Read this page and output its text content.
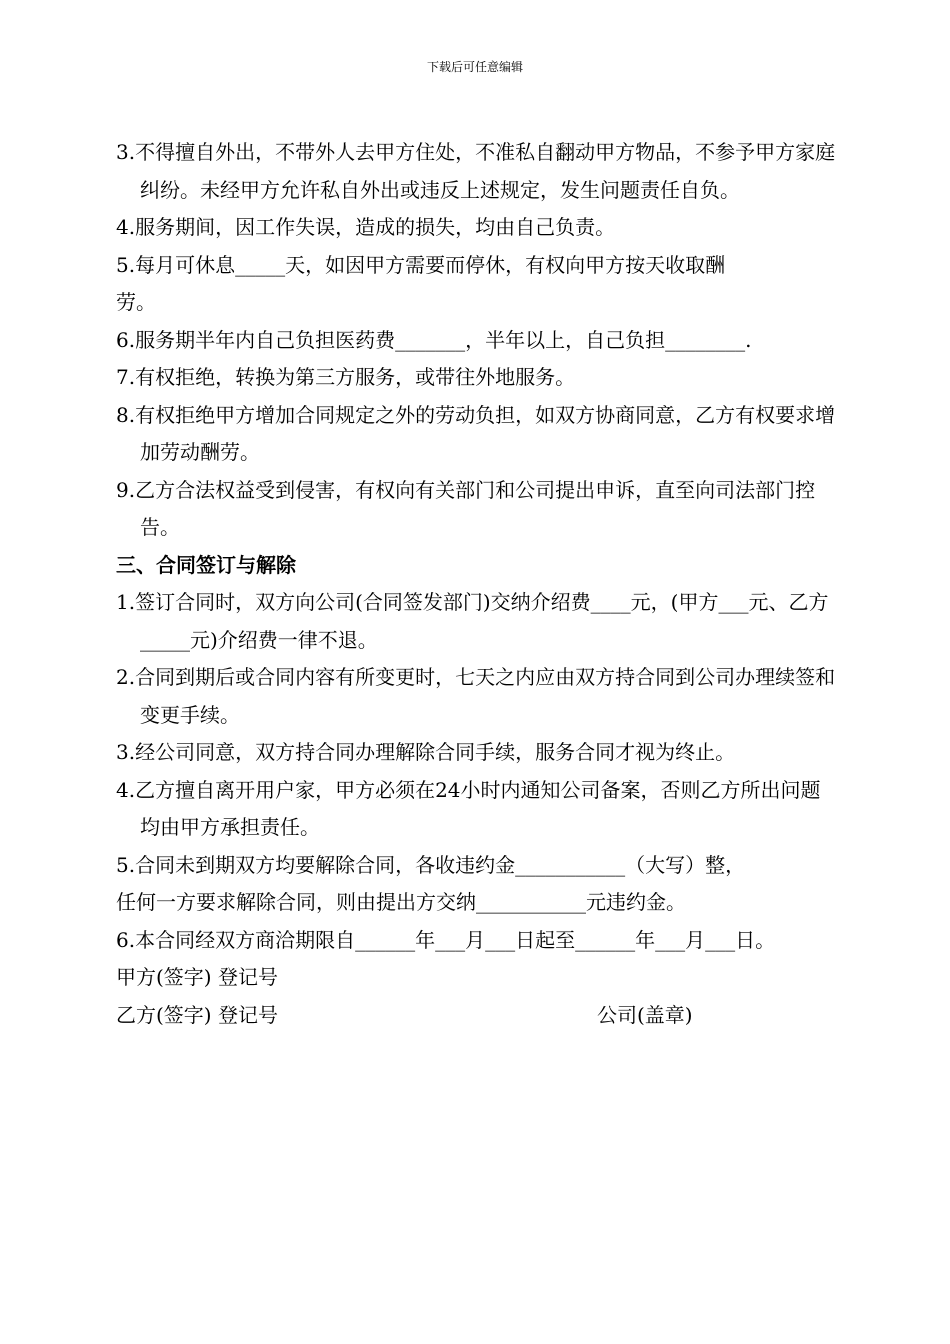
下载后可任意编辑

3.不得擅自外出，不带外人去甲方住处，不准私自翻动甲方物品，不参予甲方家庭纠纷。未经甲方允许私自外出或违反上述规定，发生问题责任自负。

4.服务期间，因工作失误，造成的损失，均由自己负责。

5.每月可休息_____天，如因甲方需要而停休，有权向甲方按天收取酬

劳。

6.服务期半年内自己负担医药费_______，半年以上，自己负担________.

7.有权拒绝，转换为第三方服务，或带往外地服务。

8.有权拒绝甲方增加合同规定之外的劳动负担，如双方协商同意，乙方有权要求增加劳动酬劳。

9.乙方合法权益受到侵害，有权向有关部门和公司提出申诉，直至向司法部门控告。

三、合同签订与解除

1.签订合同时，双方向公司(合同签发部门)交纳介绍费____元，(甲方___元、乙方_____元)介绍费一律不退。

2.合同到期后或合同内容有所变更时，七天之内应由双方持合同到公司办理续签和变更手续。

3.经公司同意，双方持合同办理解除合同手续，服务合同才视为终止。

4.乙方擅自离开用户家，甲方必须在24小时内通知公司备案，否则乙方所出问题均由甲方承担责任。

5.合同未到期双方均要解除合同，各收违约金___________（大写）整，

任何一方要求解除合同，则由提出方交纳___________元违约金。

6.本合同经双方商洽期限自______年___月___日起至______年___月___日。

甲方(签字) 登记号

乙方(签字) 登记号	公司(盖章)
